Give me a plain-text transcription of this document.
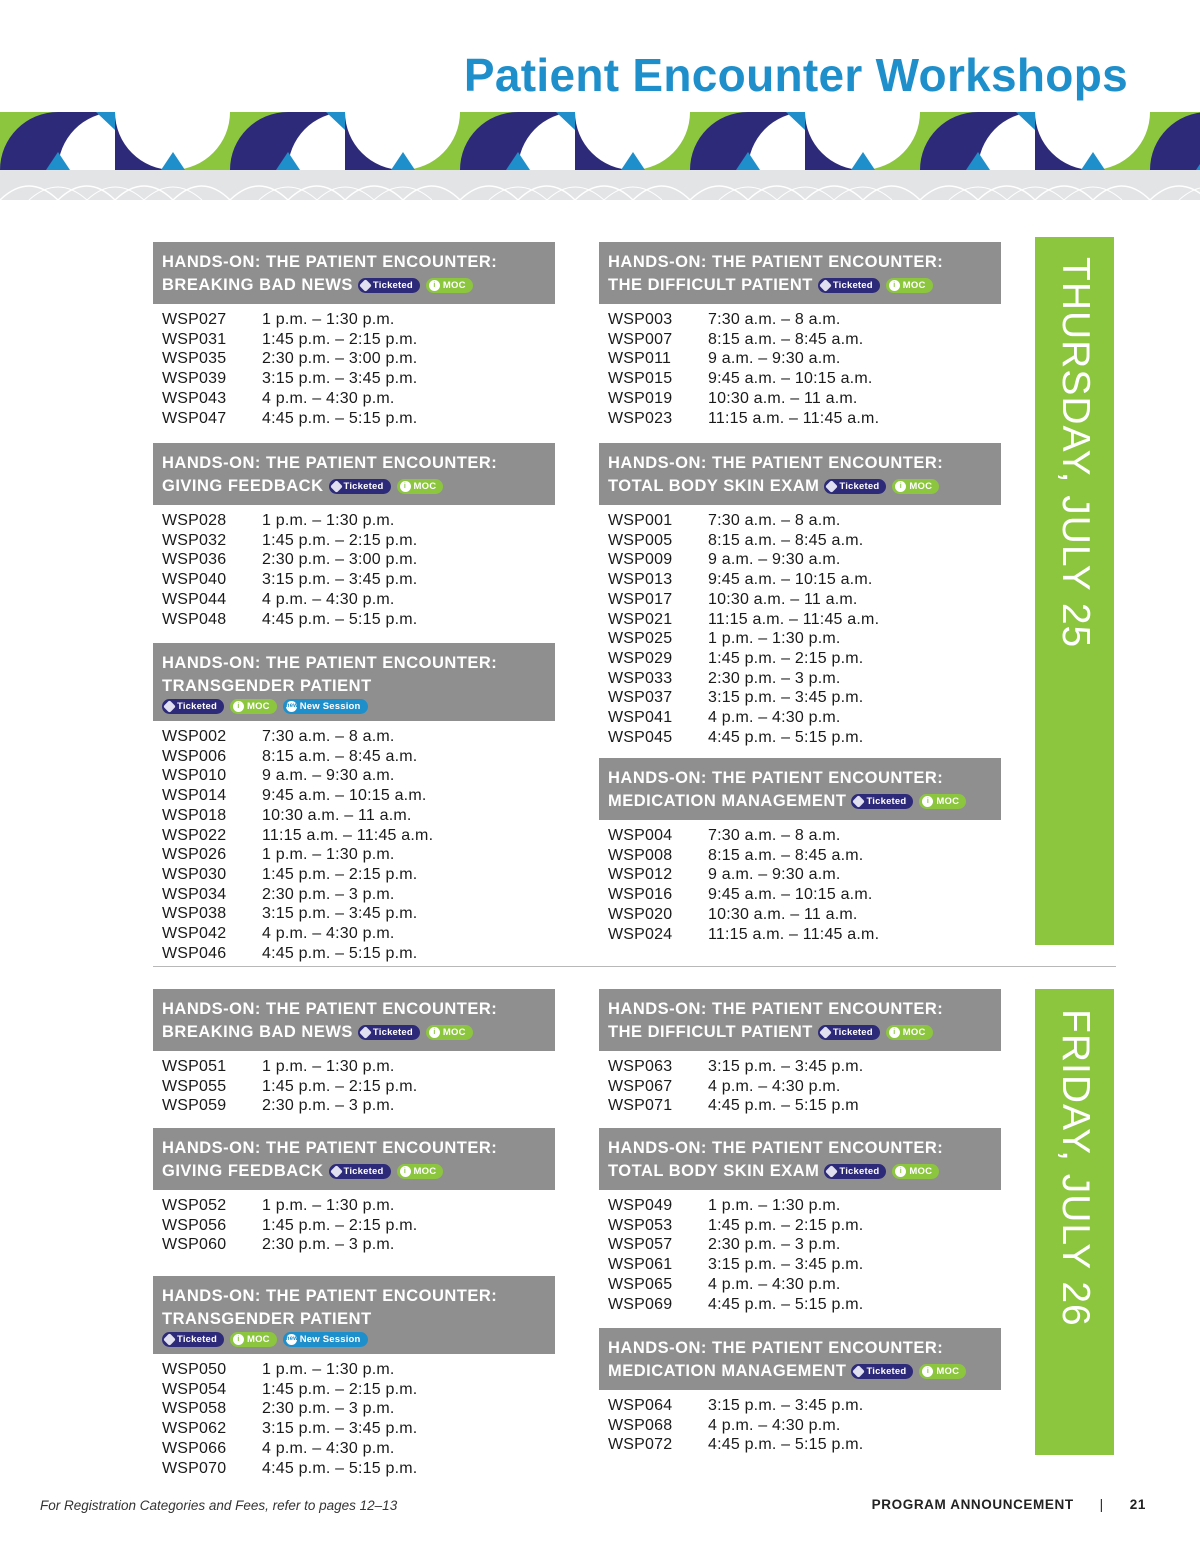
Patient Encounter Workshops
THURSDAY, JULY 25
FRIDAY, JULY 26
HANDS-ON: THE PATIENT ENCOUNTER:
BREAKING BAD NEWS Ticketed	i MOC
WSP027	1 p.m. – 1:30 p.m.
WSP031	1:45 p.m. – 2:15 p.m.
WSP035	2:30 p.m. – 3:00 p.m.
WSP039	3:15 p.m. – 3:45 p.m.
WSP043	4 p.m. – 4:30 p.m.
WSP047	4:45 p.m. – 5:15 p.m.
HANDS-ON: THE PATIENT ENCOUNTER:
GIVING FEEDBACK Ticketed	i MOC
WSP028	1 p.m. – 1:30 p.m.
WSP032	1:45 p.m. – 2:15 p.m.
WSP036	2:30 p.m. – 3:00 p.m.
WSP040	3:15 p.m. – 3:45 p.m.
WSP044	4 p.m. – 4:30 p.m.
WSP048	4:45 p.m. – 5:15 p.m.
HANDS-ON: THE PATIENT ENCOUNTER:
TRANSGENDER PATIENT
Ticketed	i MOC	new New Session
WSP002	7:30 a.m. – 8 a.m.
WSP006	8:15 a.m. – 8:45 a.m.
WSP010	9 a.m. – 9:30 a.m.
WSP014	9:45 a.m. – 10:15 a.m.
WSP018	10:30 a.m. – 11 a.m.
WSP022	11:15 a.m. – 11:45 a.m.
WSP026	1 p.m. – 1:30 p.m.
WSP030	1:45 p.m. – 2:15 p.m.
WSP034	2:30 p.m. – 3 p.m.
WSP038	3:15 p.m. – 3:45 p.m.
WSP042	4 p.m. – 4:30 p.m.
WSP046	4:45 p.m. – 5:15 p.m.
HANDS-ON: THE PATIENT ENCOUNTER:
THE DIFFICULT PATIENT Ticketed	i MOC
WSP003	7:30 a.m. – 8 a.m.
WSP007	8:15 a.m. – 8:45 a.m.
WSP011	9 a.m. – 9:30 a.m.
WSP015	9:45 a.m. – 10:15 a.m.
WSP019	10:30 a.m. – 11 a.m.
WSP023	11:15 a.m. – 11:45 a.m.
HANDS-ON: THE PATIENT ENCOUNTER:
TOTAL BODY SKIN EXAM Ticketed	i MOC
WSP001	7:30 a.m. – 8 a.m.
WSP005	8:15 a.m. – 8:45 a.m.
WSP009	9 a.m. – 9:30 a.m.
WSP013	9:45 a.m. – 10:15 a.m.
WSP017	10:30 a.m. – 11 a.m.
WSP021	11:15 a.m. – 11:45 a.m.
WSP025	1 p.m. – 1:30 p.m.
WSP029	1:45 p.m. – 2:15 p.m.
WSP033	2:30 p.m. – 3 p.m.
WSP037	3:15 p.m. – 3:45 p.m.
WSP041	4 p.m. – 4:30 p.m.
WSP045	4:45 p.m. – 5:15 p.m.
HANDS-ON: THE PATIENT ENCOUNTER:
MEDICATION MANAGEMENT Ticketed	i MOC
WSP004	7:30 a.m. – 8 a.m.
WSP008	8:15 a.m. – 8:45 a.m.
WSP012	9 a.m. – 9:30 a.m.
WSP016	9:45 a.m. – 10:15 a.m.
WSP020	10:30 a.m. – 11 a.m.
WSP024	11:15 a.m. – 11:45 a.m.
HANDS-ON: THE PATIENT ENCOUNTER:
BREAKING BAD NEWS Ticketed	i MOC
WSP051	1 p.m. – 1:30 p.m.
WSP055	1:45 p.m. – 2:15 p.m.
WSP059	2:30 p.m. – 3 p.m.
HANDS-ON: THE PATIENT ENCOUNTER:
GIVING FEEDBACK Ticketed	i MOC
WSP052	1 p.m. – 1:30 p.m.
WSP056	1:45 p.m. – 2:15 p.m.
WSP060	2:30 p.m. – 3 p.m.
HANDS-ON: THE PATIENT ENCOUNTER:
TRANSGENDER PATIENT
Ticketed	i MOC	new New Session
WSP050	1 p.m. – 1:30 p.m.
WSP054	1:45 p.m. – 2:15 p.m.
WSP058	2:30 p.m. – 3 p.m.
WSP062	3:15 p.m. – 3:45 p.m.
WSP066	4 p.m. – 4:30 p.m.
WSP070	4:45 p.m. – 5:15 p.m.
HANDS-ON: THE PATIENT ENCOUNTER:
THE DIFFICULT PATIENT Ticketed	i MOC
WSP063	3:15 p.m. – 3:45 p.m.
WSP067	4 p.m. – 4:30 p.m.
WSP071	4:45 p.m. – 5:15 p.m
HANDS-ON: THE PATIENT ENCOUNTER:
TOTAL BODY SKIN EXAM Ticketed	i MOC
WSP049	1 p.m. – 1:30 p.m.
WSP053	1:45 p.m. – 2:15 p.m.
WSP057	2:30 p.m. – 3 p.m.
WSP061	3:15 p.m. – 3:45 p.m.
WSP065	4 p.m. – 4:30 p.m.
WSP069	4:45 p.m. – 5:15 p.m.
HANDS-ON: THE PATIENT ENCOUNTER:
MEDICATION MANAGEMENT Ticketed	i MOC
WSP064	3:15 p.m. – 3:45 p.m.
WSP068	4 p.m. – 4:30 p.m.
WSP072	4:45 p.m. – 5:15 p.m.
For Registration Categories and Fees, refer to pages 12–13	PROGRAM ANNOUNCEMENT | 21
